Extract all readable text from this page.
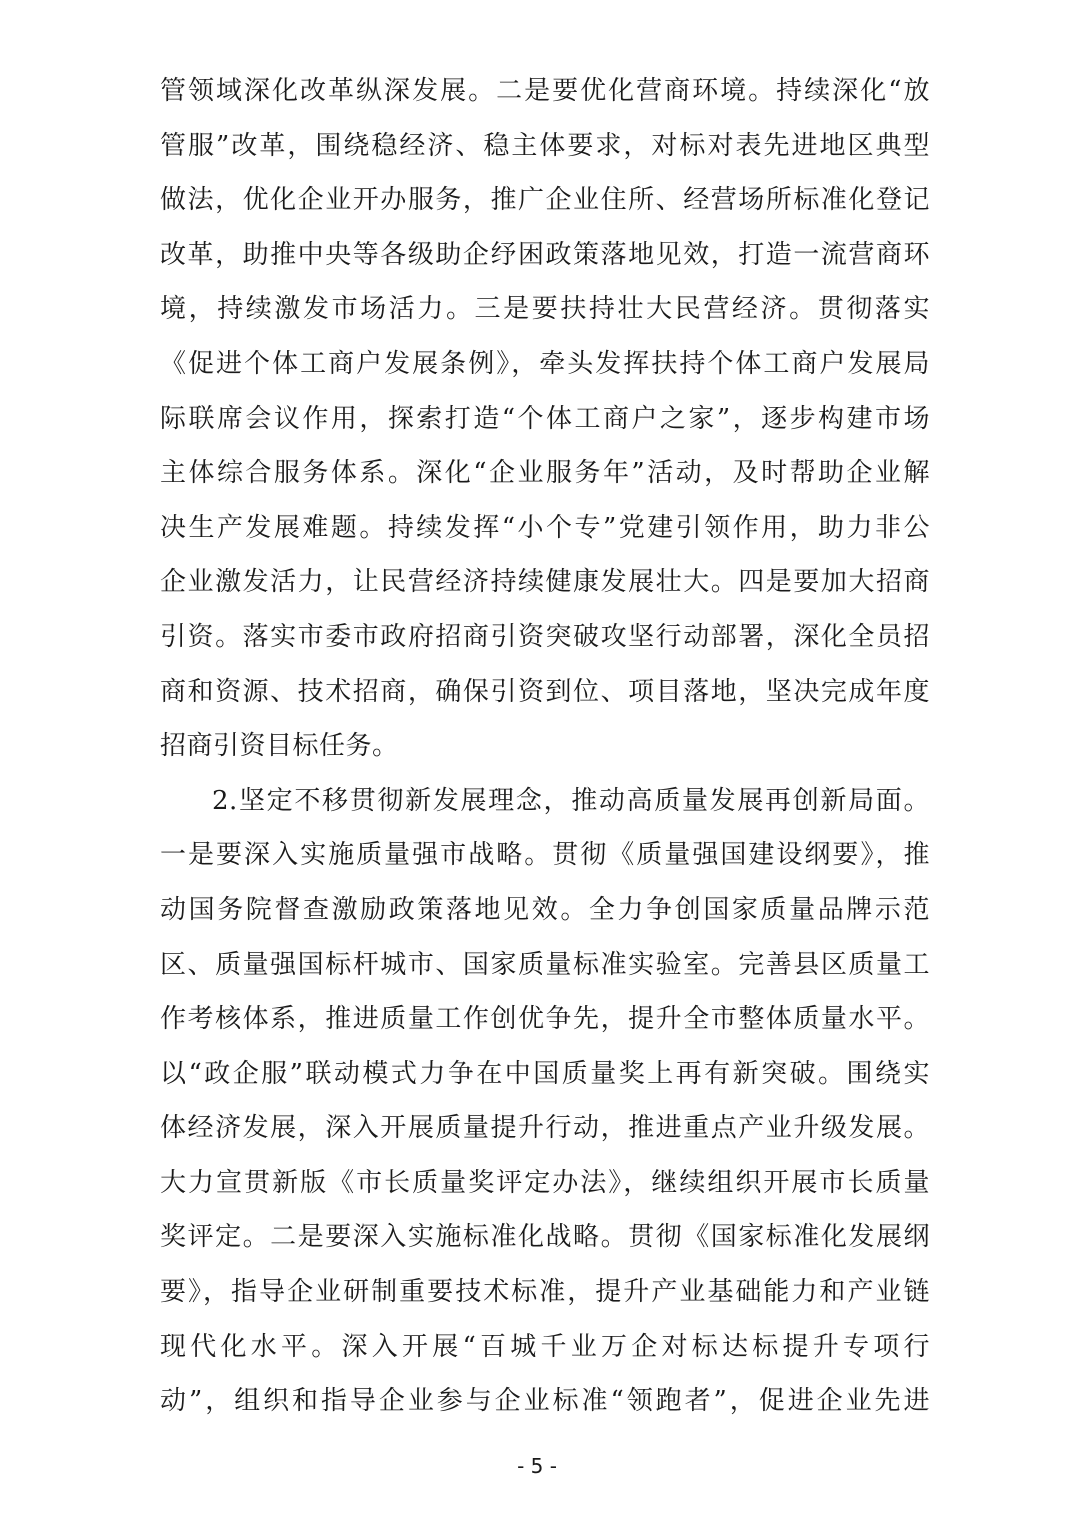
管领域深化改革纵深发展。二是要优化营商环境。持续深化“放
管服”改革，围绕稳经济、稳主体要求，对标对表先进地区典型
做法，优化企业开办服务，推广企业住所、经营场所标准化登记
改革，助推中央等各级助企纾困政策落地见效，打造一流营商环
境，持续激发市场活力。三是要扶持壮大民营经济。贯彻落实
《促进个体工商户发展条例》，牵头发挥扶持个体工商户发展局
际联席会议作用，探索打造“个体工商户之家”，逐步构建市场
主体综合服务体系。深化“企业服务年”活动，及时帮助企业解
决生产发展难题。持续发挥“小个专”党建引领作用，助力非公
企业激发活力，让民营经济持续健康发展壮大。四是要加大招商
引资。落实市委市政府招商引资突破攻坚行动部署，深化全员招
商和资源、技术招商，确保引资到位、项目落地，坚决完成年度
招商引资目标任务。
2.坚定不移贯彻新发展理念，推动高质量发展再创新局面。
一是要深入实施质量强市战略。贯彻《质量强国建设纲要》，推
动国务院督查激励政策落地见效。全力争创国家质量品牌示范
区、质量强国标杆城市、国家质量标准实验室。完善县区质量工
作考核体系，推进质量工作创优争先，提升全市整体质量水平。
以“政企服”联动模式力争在中国质量奖上再有新突破。围绕实
体经济发展，深入开展质量提升行动，推进重点产业升级发展。
大力宣贯新版《市长质量奖评定办法》，继续组织开展市长质量
奖评定。二是要深入实施标准化战略。贯彻《国家标准化发展纲
要》，指导企业研制重要技术标准，提升产业基础能力和产业链
现代化水平。深入开展“百城千业万企对标达标提升专项行
动”，组织和指导企业参与企业标准“领跑者”，促进企业先进
- 5 -
